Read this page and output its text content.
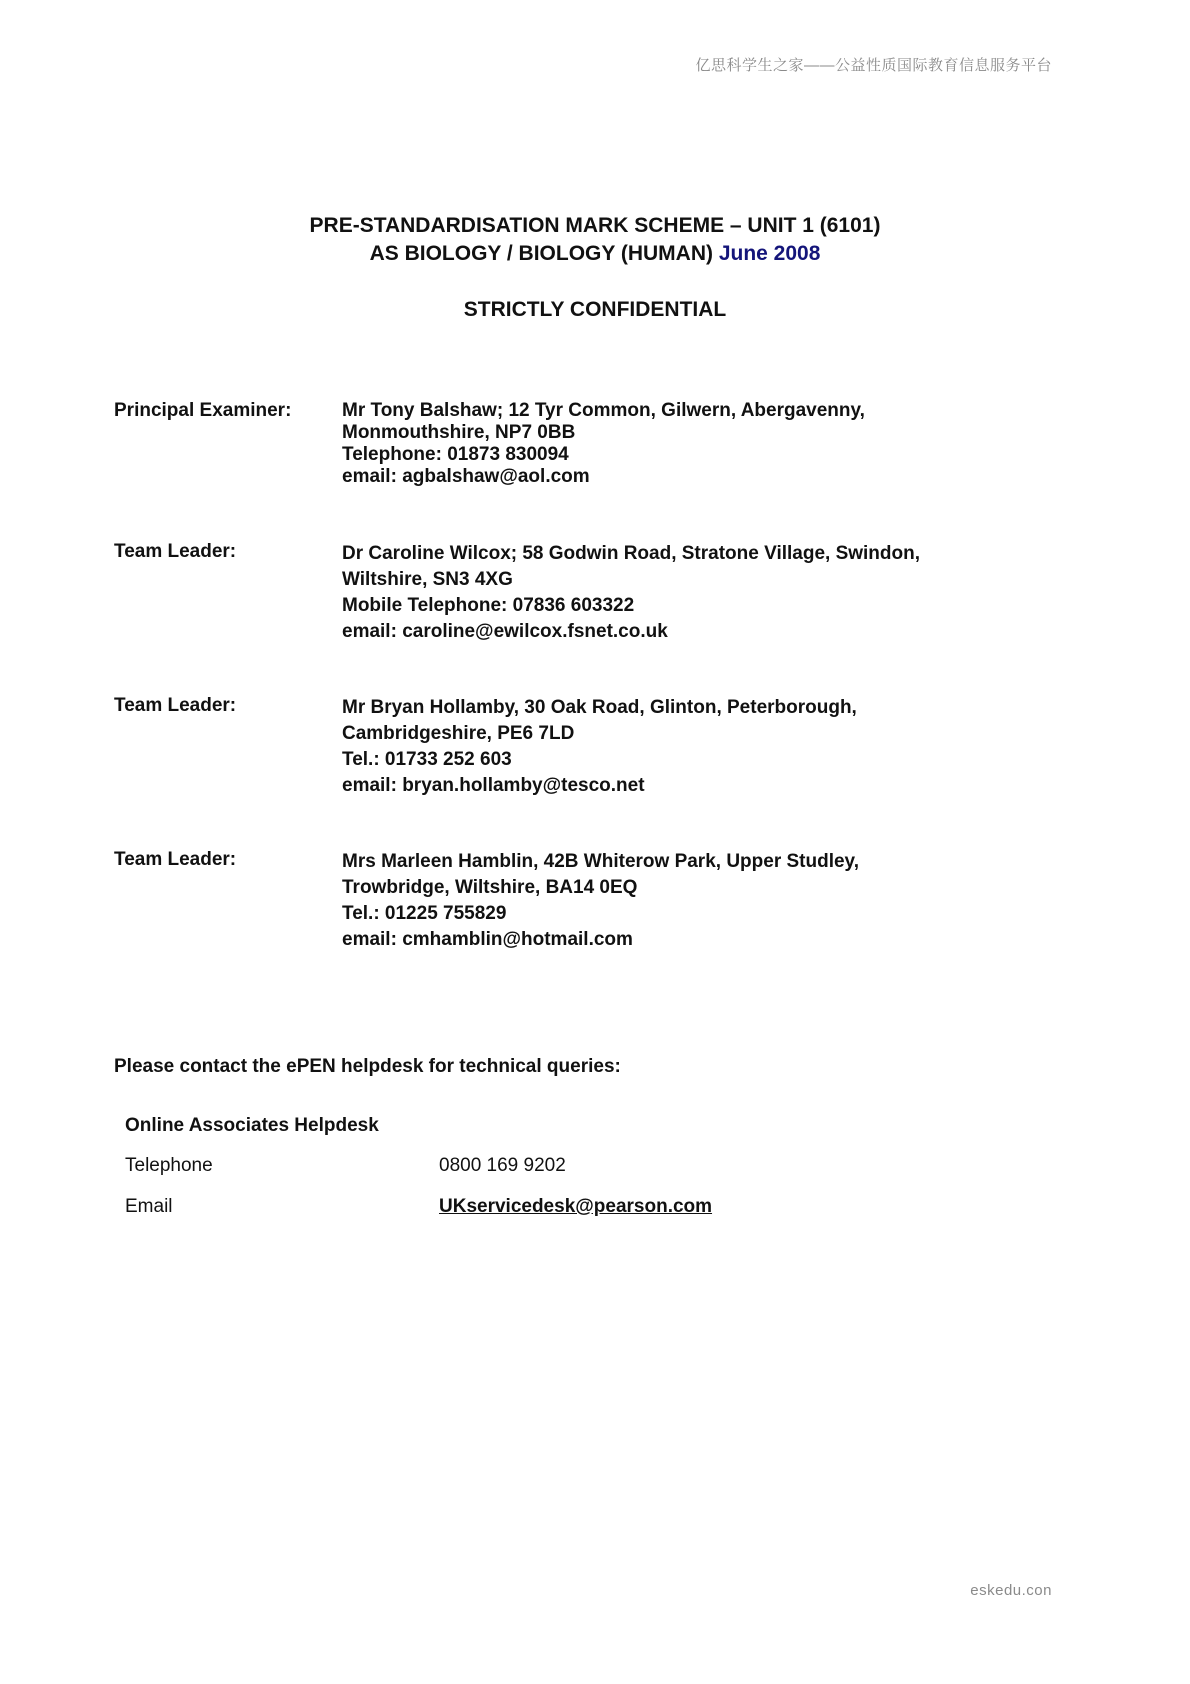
亿思科学生之家——公益性质国际教育信息服务平台
PRE-STANDARDISATION MARK SCHEME – UNIT 1 (6101)
AS BIOLOGY / BIOLOGY (HUMAN) June 2008
STRICTLY CONFIDENTIAL
Principal Examiner:	Mr Tony Balshaw; 12 Tyr Common, Gilwern, Abergavenny,
Monmouthshire, NP7 0BB
Telephone: 01873 830094
email: agbalshaw@aol.com
Team Leader:	Dr Caroline Wilcox; 58 Godwin Road, Stratone Village, Swindon,
Wiltshire, SN3 4XG
Mobile Telephone: 07836 603322
email: caroline@ewilcox.fsnet.co.uk
Team Leader:	Mr Bryan Hollamby, 30 Oak Road, Glinton, Peterborough,
Cambridgeshire, PE6 7LD
Tel.: 01733 252 603
email: bryan.hollamby@tesco.net
Team Leader:	Mrs Marleen Hamblin, 42B Whiterow Park, Upper Studley,
Trowbridge, Wiltshire, BA14 0EQ
Tel.: 01225 755829
email: cmhamblin@hotmail.com
Please contact the ePEN helpdesk for technical queries:
Online Associates Helpdesk
Telephone	0800 169 9202
Email	UKservicedesk@pearson.com
eskedu.con
